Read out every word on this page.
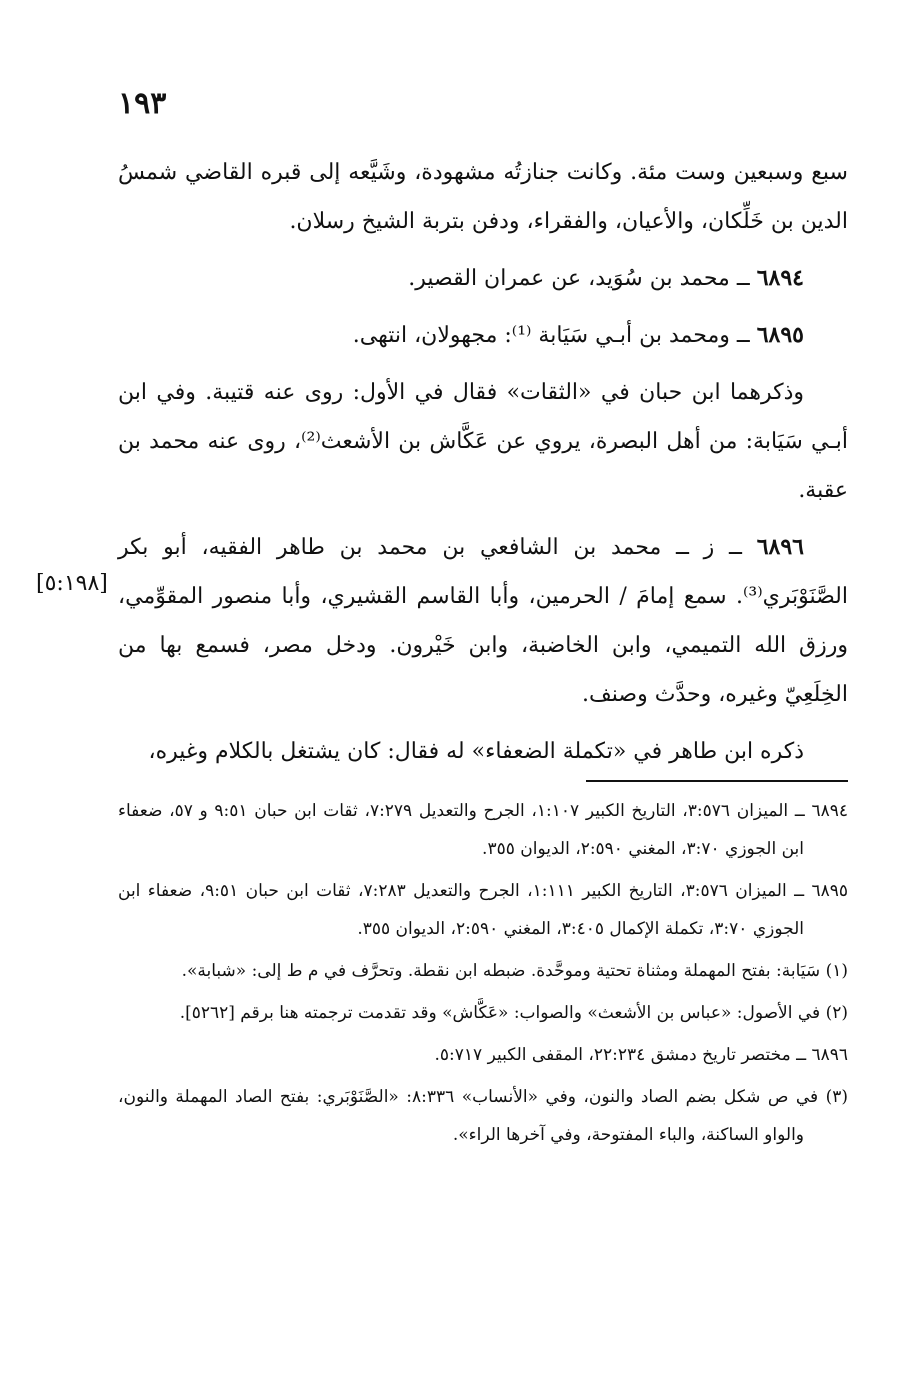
١٩٣

سبع وسبعين وست مئة. وكانت جنازتُه مشهودة، وشَيَّعه إلى قبره القاضي شمسُ الدين بن خَلِّكان، والأعيان، والفقراء، ودفن بتربة الشيخ رسلان.

٦٨٩٤ ــ محمد بن سُوَيد، عن عمران القصير.

٦٨٩٥ ــ ومحمد بن أبـي سَيَابة ⁽¹⁾: مجهولان، انتهى.

وذكرهما ابن حبان في «الثقات» فقال في الأول: روى عنه قتيبة. وفي ابن أبـي سَيَابة: من أهل البصرة، يروي عن عَكَّاش بن الأشعث⁽²⁾، روى عنه محمد بن عقبة.

٦٨٩٦ ــ ز ــ محمد بن الشافعي بن محمد بن طاهر الفقيه، أبو بكر الصَّنَوْبَري⁽³⁾. سمع إمامَ / الحرمين، وأبا القاسم القشيري، وأبا منصور المقوِّمي، ورزق الله التميمي، وابن الخاضبة، وابن خَيْرون. ودخل مصر، فسمع بها من الخِلَعِيّ وغيره، وحدَّث وصنف.

ذكره ابن طاهر في «تكملة الضعفاء» له فقال: كان يشتغل بالكلام وغيره،

[٥:١٩٨]

٦٨٩٤ ــ الميزان ٣:٥٧٦، التاريخ الكبير ١:١٠٧، الجرح والتعديل ٧:٢٧٩، ثقات ابن حبان ٩:٥١ و ٥٧، ضعفاء ابن الجوزي ٣:٧٠، المغني ٢:٥٩٠، الديوان ٣٥٥.

٦٨٩٥ ــ الميزان ٣:٥٧٦، التاريخ الكبير ١:١١١، الجرح والتعديل ٧:٢٨٣، ثقات ابن حبان ٩:٥١، ضعفاء ابن الجوزي ٣:٧٠، تكملة الإكمال ٣:٤٠٥، المغني ٢:٥٩٠، الديوان ٣٥٥.

(١) سَيَابة: بفتح المهملة ومثناة تحتية وموحَّدة. ضبطه ابن نقطة. وتحرَّف في م ط إلى: «شبابة».

(٢) في الأصول: «عباس بن الأشعث» والصواب: «عَكَّاش» وقد تقدمت ترجمته هنا برقم [٥٢٦٢].

٦٨٩٦ ــ مختصر تاريخ دمشق ٢٢:٢٣٤، المقفى الكبير ٥:٧١٧.

(٣) في ص شكل بضم الصاد والنون، وفي «الأنساب» ٨:٣٣٦: «الصَّنَوْبَري: بفتح الصاد المهملة والنون، والواو الساكنة، والباء المفتوحة، وفي آخرها الراء».
